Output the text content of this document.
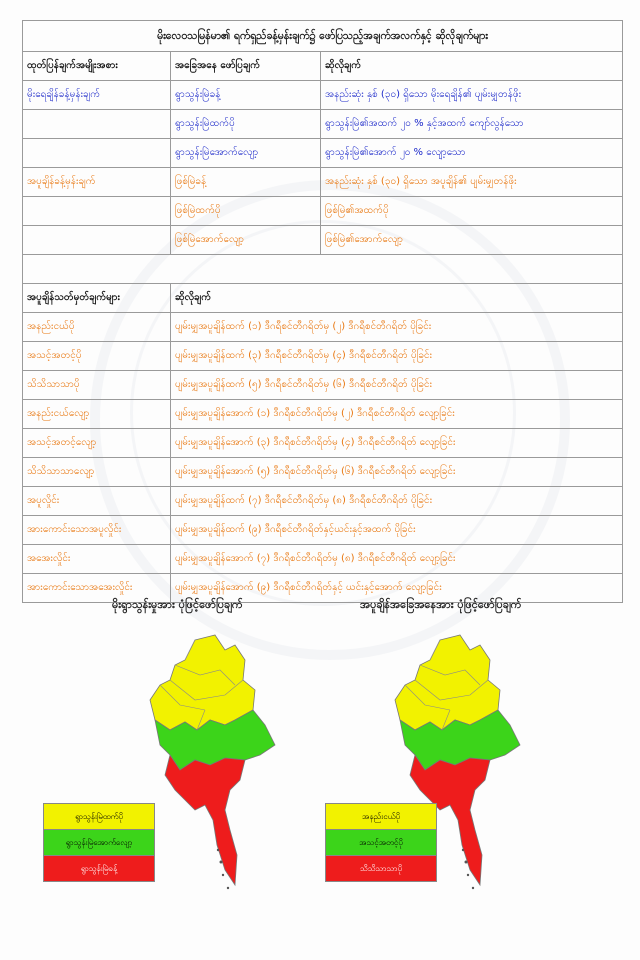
မိုးလေဝသမြန်မာ၏ ရက်ရှည်ခန့်မှန်းချက်၌ ဖော်ပြသည့်အချက်အလက်နှင့် ဆိုလိုချက်များ		
ထုတ်ပြန်ချက်အမျိုးအစား	အခြေအနေ ဖော်ပြချက်	ဆိုလိုချက်
မိုးရေချိန်ခန့်မှန်းချက်	ရွာသွန်းမြဲခန့်	အနည်းဆုံး နှစ် (၃၀) ရှိသော မိုးရေချိန်၏ ပျမ်းမျှတန်ဖိုး
	ရွာသွန်းမြဲထက်ပို	ရွာသွန်းမြဲ၏အထက် ၂၀ % နှင့်အထက် ကျော်လွန်သော
	ရွာသွန်းမြဲအောက်လျော့	ရွာသွန်းမြဲ၏အောက် ၂၀ % လျော့သော
အပူချိန်ခန့်မှန်းချက်	ဖြစ်မြဲခန့်	အနည်းဆုံး နှစ် (၃၀) ရှိသော အပူချိန်၏ ပျမ်းမျှတန်ဖိုး
	ဖြစ်မြဲထက်ပို	ဖြစ်မြဲ၏အထက်ပို
	ဖြစ်မြဲအောက်လျော့	ဖြစ်မြဲ၏အောက်လျော့

အပူချိန်သတ်မှတ်ချက်များ	ဆိုလိုချက်	
အနည်းငယ်ပို	ပျမ်းမျှအပူချိန်ထက် (၁) ဒီဂရီစင်တီဂရိတ်မှ (၂) ဒီဂရီစင်တီဂရိတ် ပိုခြင်း	
အသင့်အတင့်ပို	ပျမ်းမျှအပူချိန်ထက် (၃) ဒီဂရီစင်တီဂရိတ်မှ (၄) ဒီဂရီစင်တီဂရိတ် ပိုခြင်း	
သိသိသာသာပို	ပျမ်းမျှအပူချိန်ထက် (၅) ဒီဂရီစင်တီဂရိတ်မှ (၆) ဒီဂရီစင်တီဂရိတ် ပိုခြင်း	
အနည်းငယ်လျော့	ပျမ်းမျှအပူချိန်အောက် (၁) ဒီဂရီစင်တီဂရိတ်မှ (၂) ဒီဂရီစင်တီဂရိတ် လျော့ခြင်း	
အသင့်အတင့်လျော့	ပျမ်းမျှအပူချိန်အောက် (၃) ဒီဂရီစင်တီဂရိတ်မှ (၄) ဒီဂရီစင်တီဂရိတ် လျော့ခြင်း	
သိသိသာသာလျော့	ပျမ်းမျှအပူချိန်အောက် (၅) ဒီဂရီစင်တီဂရိတ်မှ (၆) ဒီဂရီစင်တီဂရိတ် လျော့ခြင်း	
အပူလှိုင်း	ပျမ်းမျှအပူချိန်ထက် (၇) ဒီဂရီစင်တီဂရိတ်မှ (၈) ဒီဂရီစင်တီဂရိတ် ပိုခြင်း	
အားကောင်းသောအပူလှိုင်း	ပျမ်းမျှအပူချိန်ထက် (၉) ဒီဂရီစင်တီဂရိတ်နှင့်ယင်းနှင့်အထက် ပိုခြင်း	
အအေးလှိုင်း	ပျမ်းမျှအပူချိန်အောက် (၇) ဒီဂရီစင်တီဂရိတ်မှ (၈) ဒီဂရီစင်တီဂရိတ် လျော့ခြင်း	
အားကောင်းသောအအေးလှိုင်း	ပျမ်းမျှအပူချိန်အောက် (၉) ဒီဂရီစင်တီဂရိတ်နှင့် ယင်းနှင့်အောက် လျော့ခြင်း	
မိုးရွာသွန်းမှုအား ပုံဖြင့်ဖော်ပြချက်
ရွာသွန်းမြဲထက်ပို
ရွာသွန်းမြဲအောက်လျော့
ရွာသွန်းမြဲခန့်
အပူချိန်အခြေအနေအား ပုံဖြင့်ဖော်ပြချက်
အနည်းငယ်ပို
အသင့်အတင့်ပို
သိသိသာသာပို
